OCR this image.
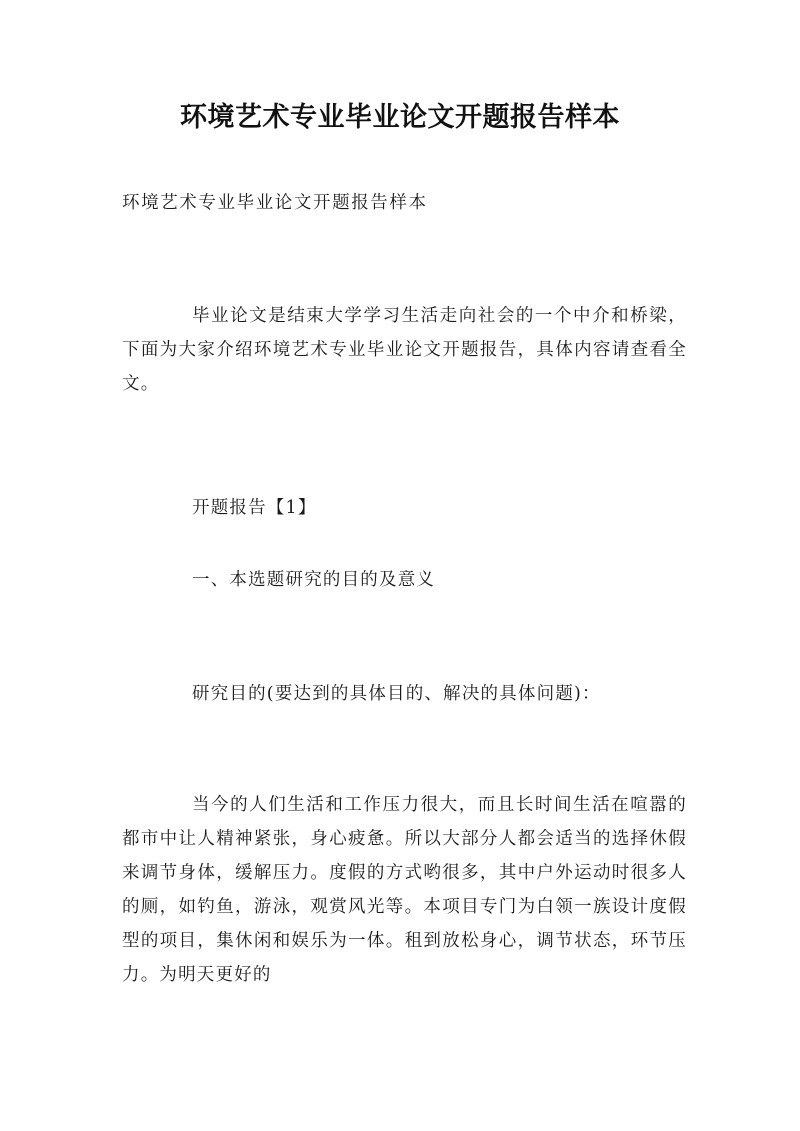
环境艺术专业毕业论文开题报告样本

环境艺术专业毕业论文开题报告样本

毕业论文是结束大学学习生活走向社会的一个中介和桥梁，下面为大家介绍环境艺术专业毕业论文开题报告，具体内容请查看全文。

开题报告【1】

一、本选题研究的目的及意义

研究目的(要达到的具体目的、解决的具体问题)：

当今的人们生活和工作压力很大，而且长时间生活在喧嚣的都市中让人精神紧张，身心疲惫。所以大部分人都会适当的选择休假来调节身体，缓解压力。度假的方式哟很多，其中户外运动时很多人的厕，如钓鱼，游泳，观赏风光等。本项目专门为白领一族设计度假型的项目，集休闲和娱乐为一体。租到放松身心，调节状态，环节压力。为明天更好的
